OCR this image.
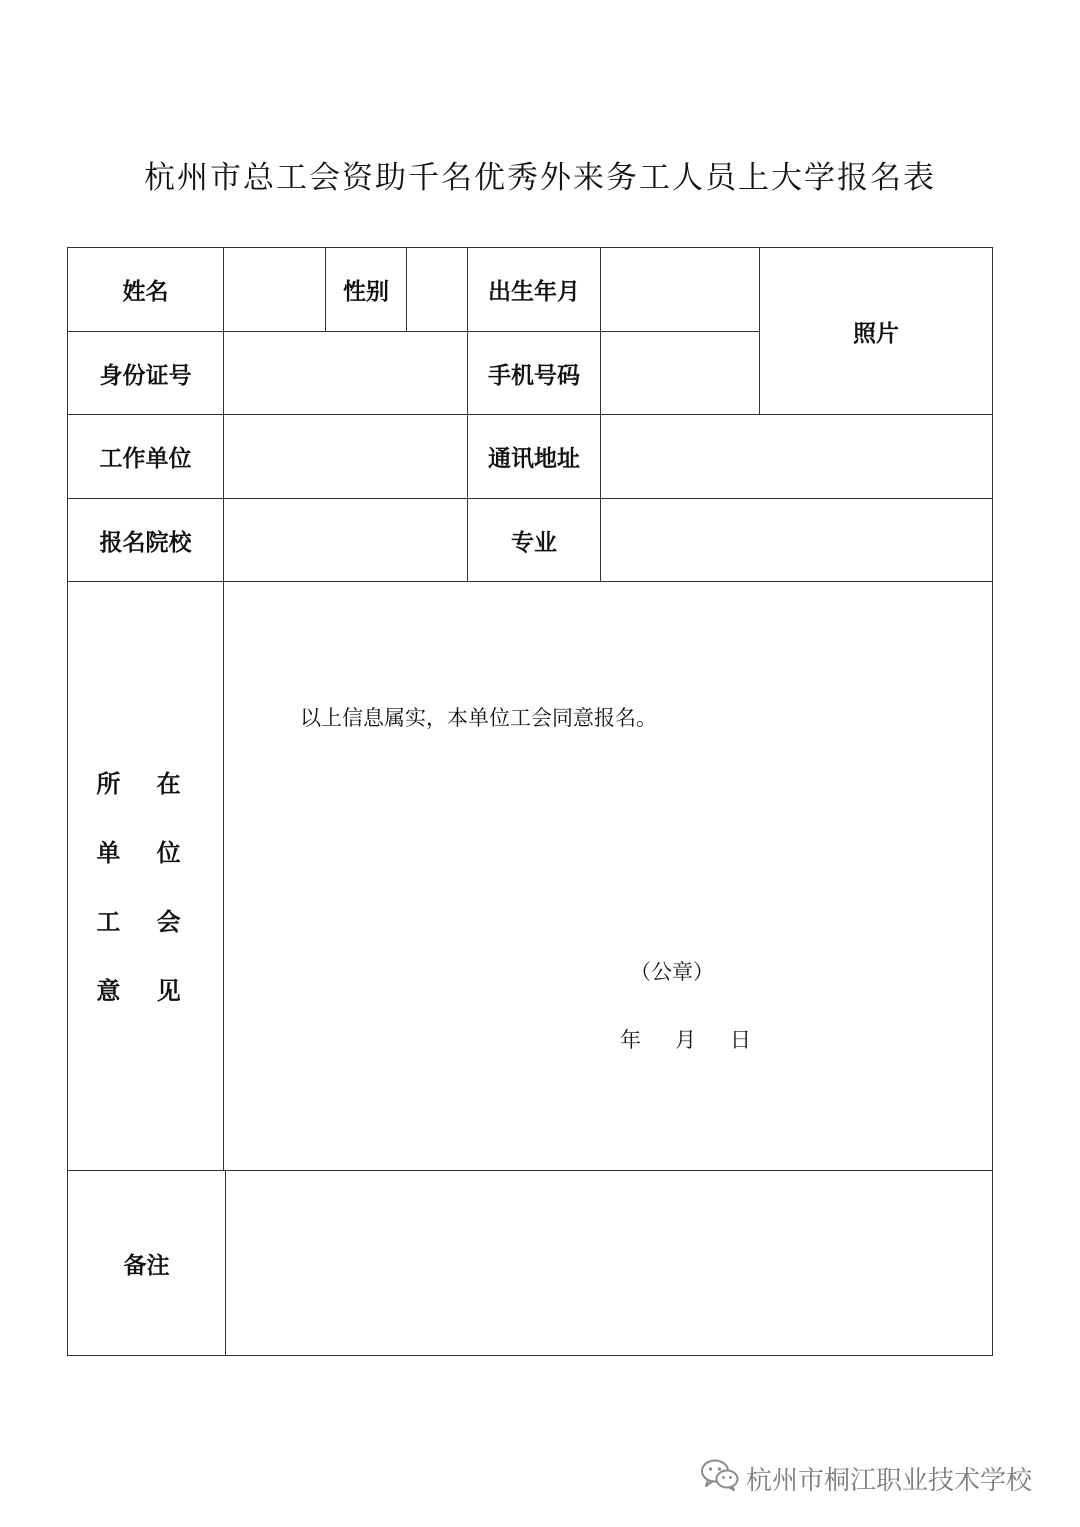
杭州市总工会资助千名优秀外来务工人员上大学报名表
姓名	性别	出生年月
照片
身份证号	手机号码
工作单位	通讯地址
报名院校	专业
所 在
单 位
工 会
意 见
以上信息属实，本单位工会同意报名。
（公章）
年 月 日
备注
杭州市桐江职业技术学校
